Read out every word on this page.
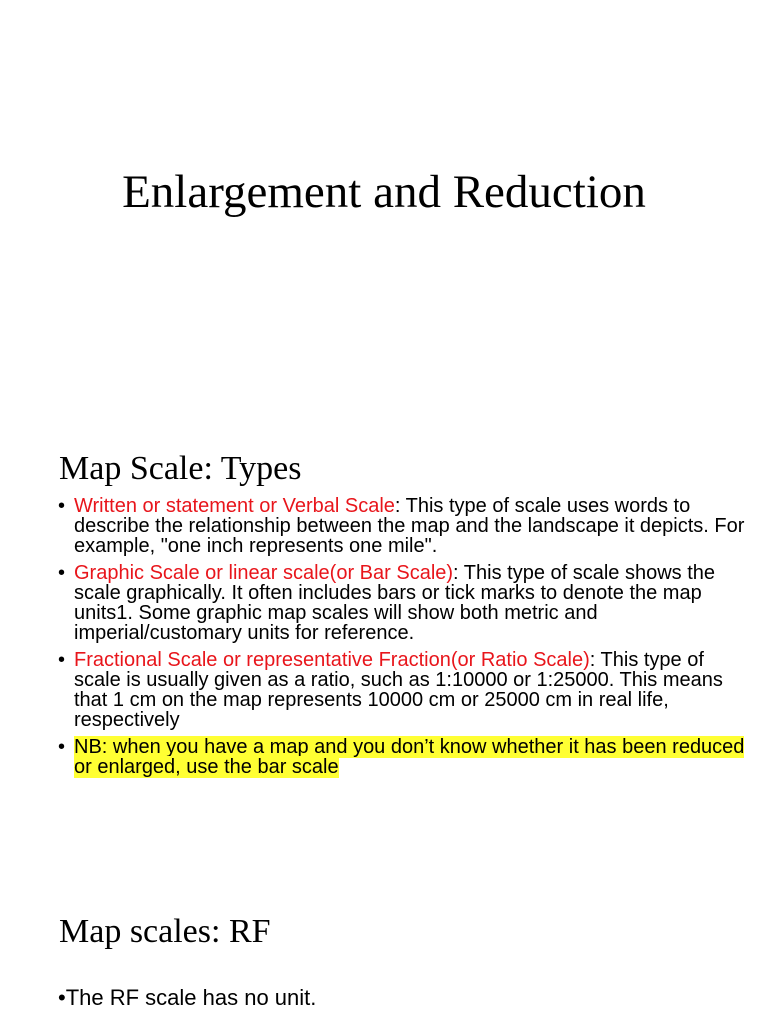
Enlargement and Reduction
Map Scale: Types
• Written or statement or Verbal Scale: This type of scale uses words to describe the relationship between the map and the landscape it depicts. For example, "one inch represents one mile".
• Graphic Scale or linear scale(or Bar Scale): This type of scale shows the scale graphically. It often includes bars or tick marks to denote the map units1. Some graphic map scales will show both metric and imperial/customary units for reference.
• Fractional Scale or representative Fraction(or Ratio Scale): This type of scale is usually given as a ratio, such as 1:10000 or 1:25000. This means that 1 cm on the map represents 10000 cm or 25000 cm in real life, respectively
• NB: when you have a map and you don’t know whether it has been reduced or enlarged, use the bar scale
Map scales: RF
•The RF scale has no unit.
